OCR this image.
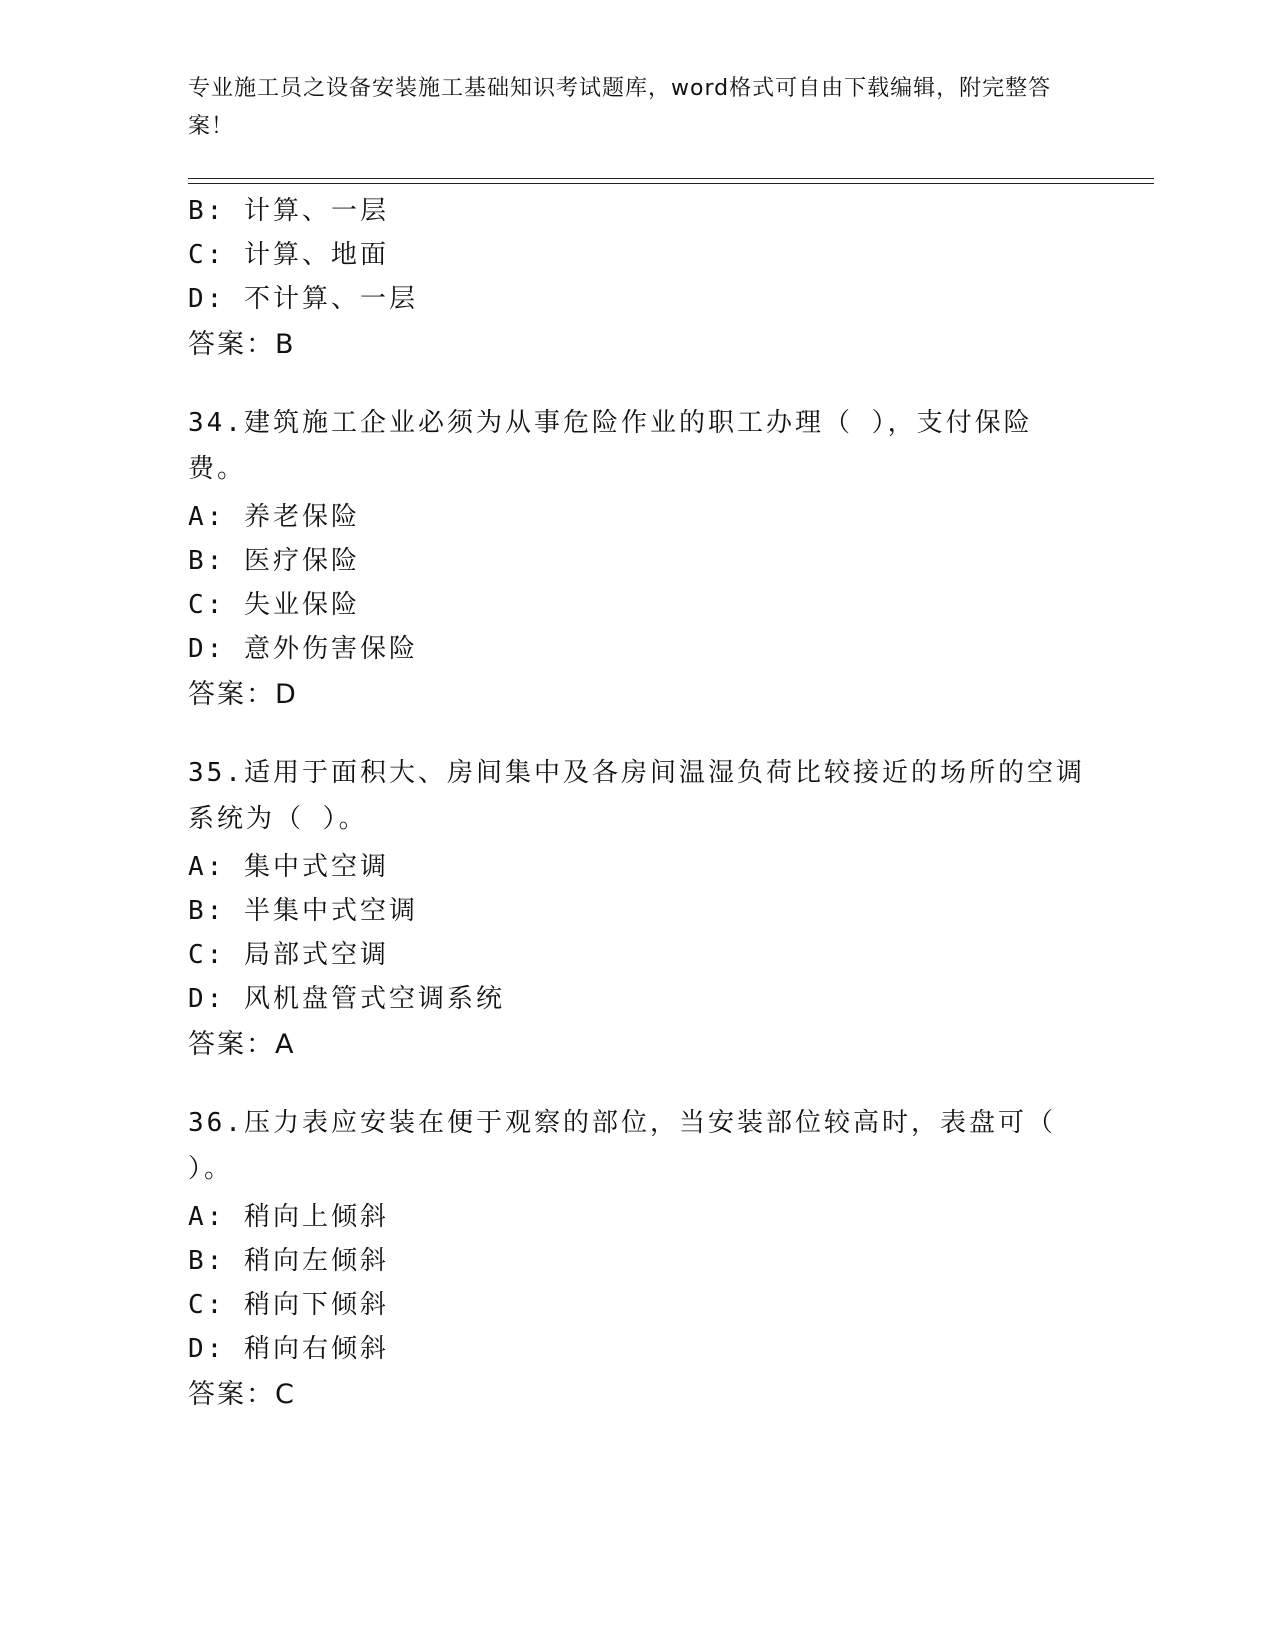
专业施工员之设备安装施工基础知识考试题库，word格式可自由下载编辑，附完整答案！
B: 计算、一层
C: 计算、地面
D: 不计算、一层
答案：B
34.建筑施工企业必须为从事危险作业的职工办理（ ），支付保险费。
A: 养老保险
B: 医疗保险
C: 失业保险
D: 意外伤害保险
答案：D
35.适用于面积大、房间集中及各房间温湿负荷比较接近的场所的空调系统为（ ）。
A: 集中式空调
B: 半集中式空调
C: 局部式空调
D: 风机盘管式空调系统
答案：A
36.压力表应安装在便于观察的部位，当安装部位较高时，表盘可（ ）。
A: 稍向上倾斜
B: 稍向左倾斜
C: 稍向下倾斜
D: 稍向右倾斜
答案：C
